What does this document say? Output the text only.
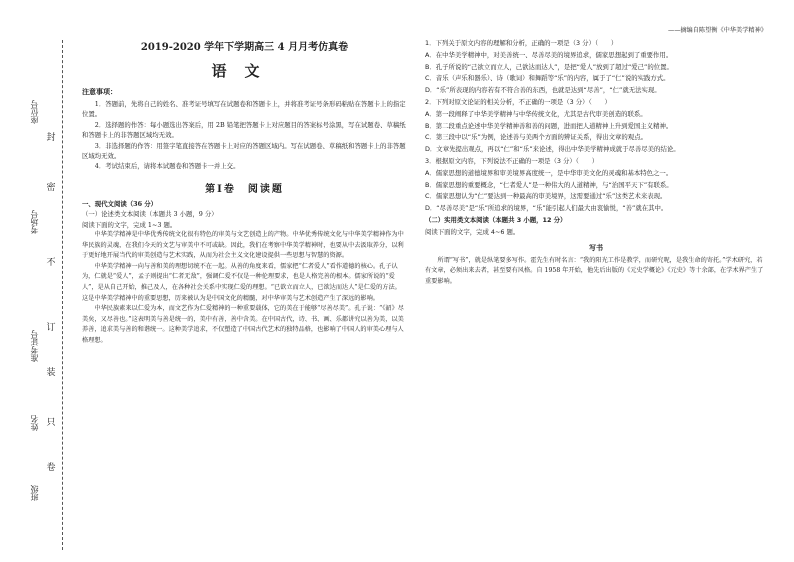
封
密
不
订
装
只
卷
座位号
考场号
准考证号
姓名
班级
2019-2020 学年下学期高三 4 月月考仿真卷
语文
注意事项：

1．答题前，先将自己的姓名、准考证号填写在试题卷和答题卡上，并将准考证号条形码粘贴在答题卡上的指定位置。

2．选择题的作答：每小题选出答案后，用 2B 铅笔把答题卡上对应题目的答案标号涂黑，写在试题卷、草稿纸和答题卡上的非答题区域均无效。

3．非选择题的作答：用签字笔直接答在答题卡上对应的答题区域内。写在试题卷、草稿纸和答题卡上的非答题区域均无效。

4．考试结束后，请将本试题卷和答题卡一并上交。

第Ⅰ卷　阅读题

一、现代文阅读（36 分）

（一）论述类文本阅读（本题共 3 小题，9 分）

阅读下面的文字，完成 1~3 题。

中华美学精神是中华优秀传统文化很有特色的审美与文艺创造上的产物。中华优秀传统文化与中华美学精神作为中华民族的灵魂，在我们今天的文艺与审美中不可或缺。因此，我们在考察中华美学精神时，也要从中去汲取养分，以利于更好地开展当代的审美创造与艺术实践，从而为社会主义文化建设提供一些思想与智慧的资源。

中华美学精神一向与善和美的理想切统不在一起。从善的角度来看，儒家把“仁者爱人”看作道德的核心。孔子认为，仁就是“爱人”，孟子则提出“仁者无敌”，强调仁爱不仅是一种伦理要求，也是人格完善的根本。儒家所说的“爱人”，是从自己开始，推己及人，在各种社会关系中实现仁爱的理想。“已欲立而立人，已欲达而达人”是仁爱的方法。这是中华美学精神中的重要思想，历来被认为是中国文化的精髓，对中华审美与艺术创造产生了深远的影响。

中华民族素来以仁爱为本，而文艺作为仁爱精神的一种重要载体，它的美在于能够“尽善尽美”。孔子说：“《韶》尽美矣，又尽善也。”这表明美与善是统一的，美中有善，善中含美。在中国古代，诗、书、画、乐都讲究以善为美，以美养善，追求美与善的和谐统一。这种美学追求，不仅塑造了中国古代艺术的独特品格，也影响了中国人的审美心理与人格理想。

——摘编自陈望衡《中华美学精神》

1．下列关于原文内容的理解和分析，正确的一项是（3 分）（　　）

A．在中华美学精神中，对美善统一、尽善尽美的境界追求，儒家思想起到了重要作用。

B．孔子所说的“己欲立而立人，己欲达而达人”，是把“爱人”放到了超过“爱己”的位置。

C．音乐（声乐和器乐）、诗（歌词）和舞蹈等“乐”的内容，属于了“仁”说的实践方式。

D．“乐”所表现的内容若有不符合善的东西，也就是达到“尽善”，“仁”就无法实现。

2．下列对原文论证的相关分析，不正确的一项是（3 分）（　　）

A．第一段阐释了中华美学精神与中华传统文化，尤其是古代审美创造的联系。

B．第二段重点论述中华美学精神善和善的问题，进而把人道精神上升到爱国主义精神。

C．第三段中以“乐”为例，论述善与美两个方面的辨证关系，得出文章的观点。

D．文章先提出观点，再以“仁”和“乐”来论述，得出中华美学精神成就于尽善尽美的结论。

3．根据原文内容，下列说法不正确的一项是（3 分）（　　）

A．儒家思想的道德境界和审美境界高度统一，是中华审美文化的灵魂和基本特色之一。

B．儒家思想的重要概念，“仁者爱人”是一种伟大的人道精神，与“治国平天下”有联系。

C．儒家思想认为“仁”要达到一种最高的审美境界，这需要通过“乐”这类艺术来表现。

D．“尽善尽美”是“乐”所追求的境界，“乐”能引起人们最大由衷愉悦，“善”就在其中。

（二）实用类文本阅读（本题共 3 小题，12 分）

阅读下面的文字，完成 4~6 题。

写书

所谓“写书”，就是纵笔要多写作。霍先生有时名言：“我的阳光工作是教学，而研究呢，是我生命的寄托。”学术研究，若有文章，必须出来去者，甚至要有风格。自 1958 年开始，他先后出版的《元史学概论》《元史》等十余部，在学术界产生了重要影响。
